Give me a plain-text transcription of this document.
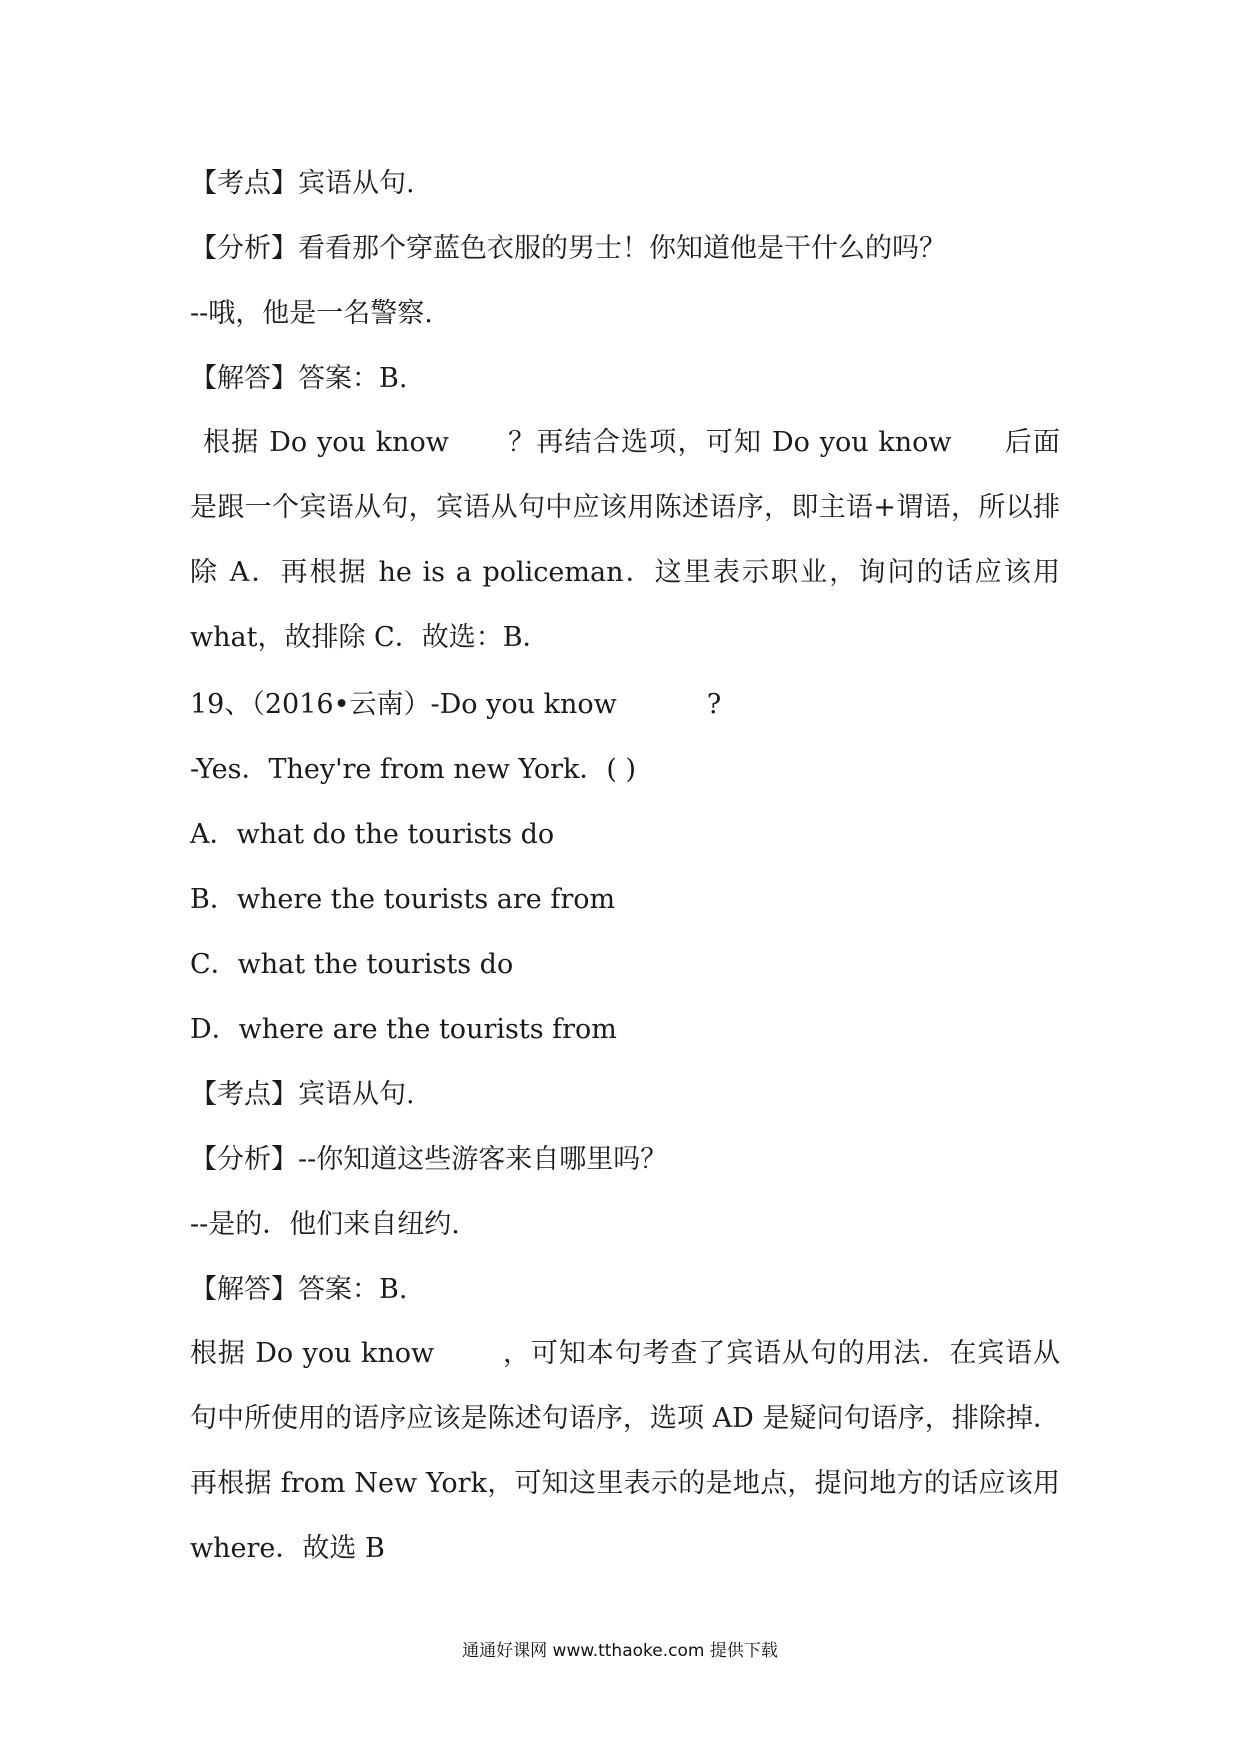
【考点】宾语从句.
【分析】看看那个穿蓝色衣服的男士！你知道他是干什么的吗？
--哦，他是一名警察.
【解答】答案：B.
根据 Do you know ？再结合选项，可知 Do you know 后面是跟一个宾语从句，宾语从句中应该用陈述语序，即主语+谓语，所以排除 A．再根据 he is a policeman．这里表示职业，询问的话应该用 what，故排除 C．故选：B．
19、（2016•云南）-Do you know	?
-Yes．They're from new York．( )
A．what do the tourists do
B．where the tourists are from
C．what the tourists do
D．where are the tourists from
【考点】宾语从句.
【分析】--你知道这些游客来自哪里吗？
--是的．他们来自纽约.
【解答】答案：B.
根据 Do you know	，可知本句考查了宾语从句的用法．在宾语从句中所使用的语序应该是陈述句语序，选项 AD 是疑问句语序，排除掉．再根据 from New York，可知这里表示的是地点，提问地方的话应该用 where．故选 B
通通好课网 www.tthaoke.com 提供下载
